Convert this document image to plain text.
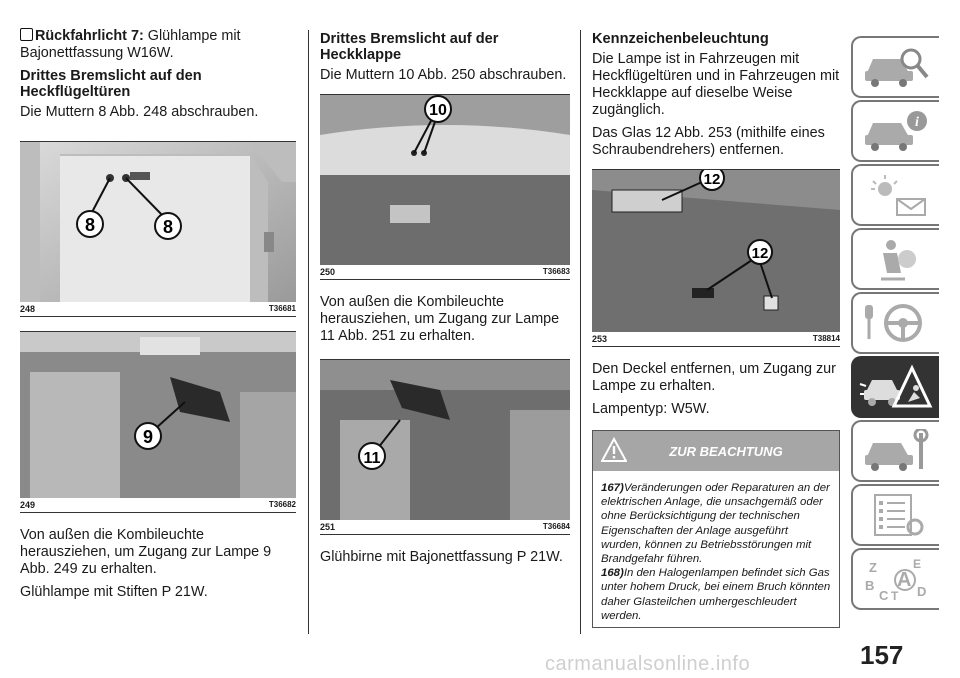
Rückfahrlicht 7: Glühlampe mit Bajonettfassung W16W.

Drittes Bremslicht auf den Heckflügeltüren

Die Muttern 8 Abb. 248 abschrauben.

8	8
248	T36681
9
249	T36682

Von außen die Kombileuchte herausziehen, um Zugang zur Lampe 9 Abb. 249 zu erhalten.

Glühlampe mit Stiften P 21W.

Drittes Bremslicht auf der Heckklappe

Die Muttern 10 Abb. 250 abschrauben.

10
250	T36683

Von außen die Kombileuchte herausziehen, um Zugang zur Lampe 11 Abb. 251 zu erhalten.

11
251	T36684

Glühbirne mit Bajonettfassung P 21W.

Kennzeichenbeleuchtung

Die Lampe ist in Fahrzeugen mit Heckflügeltüren und in Fahrzeugen mit Heckklappe auf dieselbe Weise zugänglich.

Das Glas 12 Abb. 253 (mithilfe eines Schraubendrehers) entfernen.

12
12
253	T38814

Den Deckel entfernen, um Zugang zur Lampe zu erhalten.

Lampentyp: W5W.

ZUR BEACHTUNG
167)Veränderungen oder Reparaturen an der elektrischen Anlage, die unsachgemäß oder ohne Berücksichtigung der technischen Eigenschaften der Anlage ausgeführt wurden, können zu Betriebsstörungen mit Brandgefahr führen.
168)In den Halogenlampen befindet sich Gas unter hohem Druck, bei einem Bruch könnten daher Glasteilchen umhergeschleudert werden.
i
Z	E
B
C T
A
D
157
carmanualsonline.info
